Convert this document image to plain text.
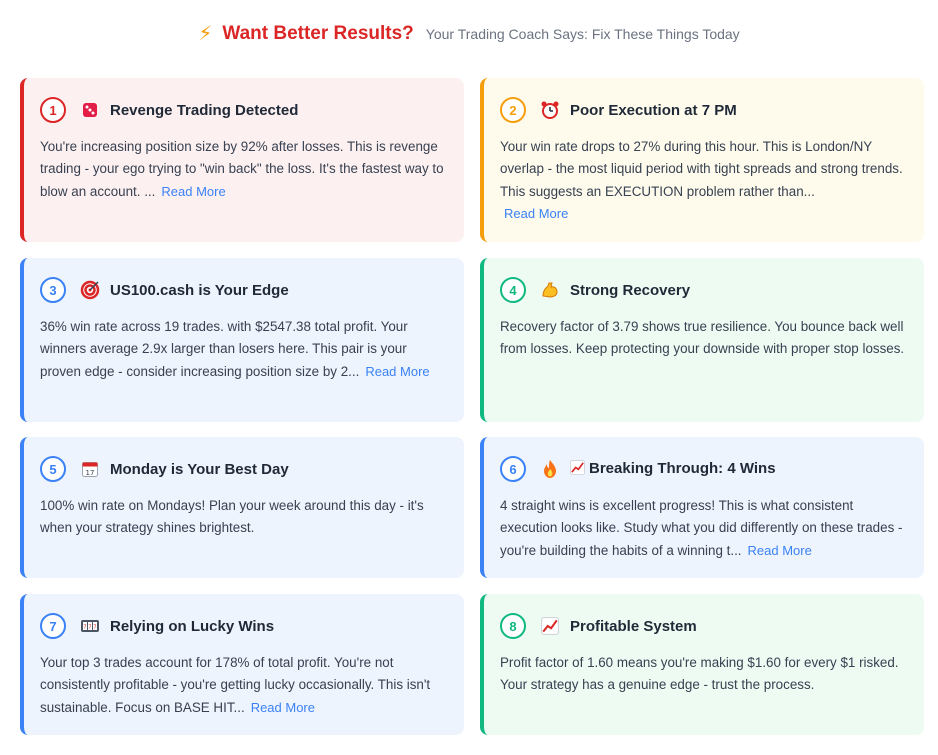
⚡ Want Better Results? Your Trading Coach Says: Fix These Things Today
1	Revenge Trading Detected
You're increasing position size by 92% after losses. This is revenge trading - your ego trying to "win back" the loss. It's the fastest way to blow an account. ... Read More
2	Poor Execution at 7 PM
Your win rate drops to 27% during this hour. This is London/NY overlap - the most liquid period with tight spreads and strong trends. This suggests an EXECUTION problem rather than...
Read More
3	US100.cash is Your Edge
36% win rate across 19 trades. with $2547.38 total profit. Your winners average 2.9x larger than losers here. This pair is your proven edge - consider increasing position size by 2... Read More
4	Strong Recovery
Recovery factor of 3.79 shows true resilience. You bounce back well from losses. Keep protecting your downside with proper stop losses.
5	17 Monday is Your Best Day
100% win rate on Mondays! Plan your week around this day - it's when your strategy shines brightest.
6	Breaking Through: 4 Wins
4 straight wins is excellent progress! This is what consistent execution looks like. Study what you did differently on these trades - you're building the habits of a winning t... Read More
7	7 7 7 Relying on Lucky Wins
Your top 3 trades account for 178% of total profit. You're not consistently profitable - you're getting lucky occasionally. This isn't sustainable. Focus on BASE HIT... Read More
8	Profitable System
Profit factor of 1.60 means you're making $1.60 for every $1 risked. Your strategy has a genuine edge - trust the process.
